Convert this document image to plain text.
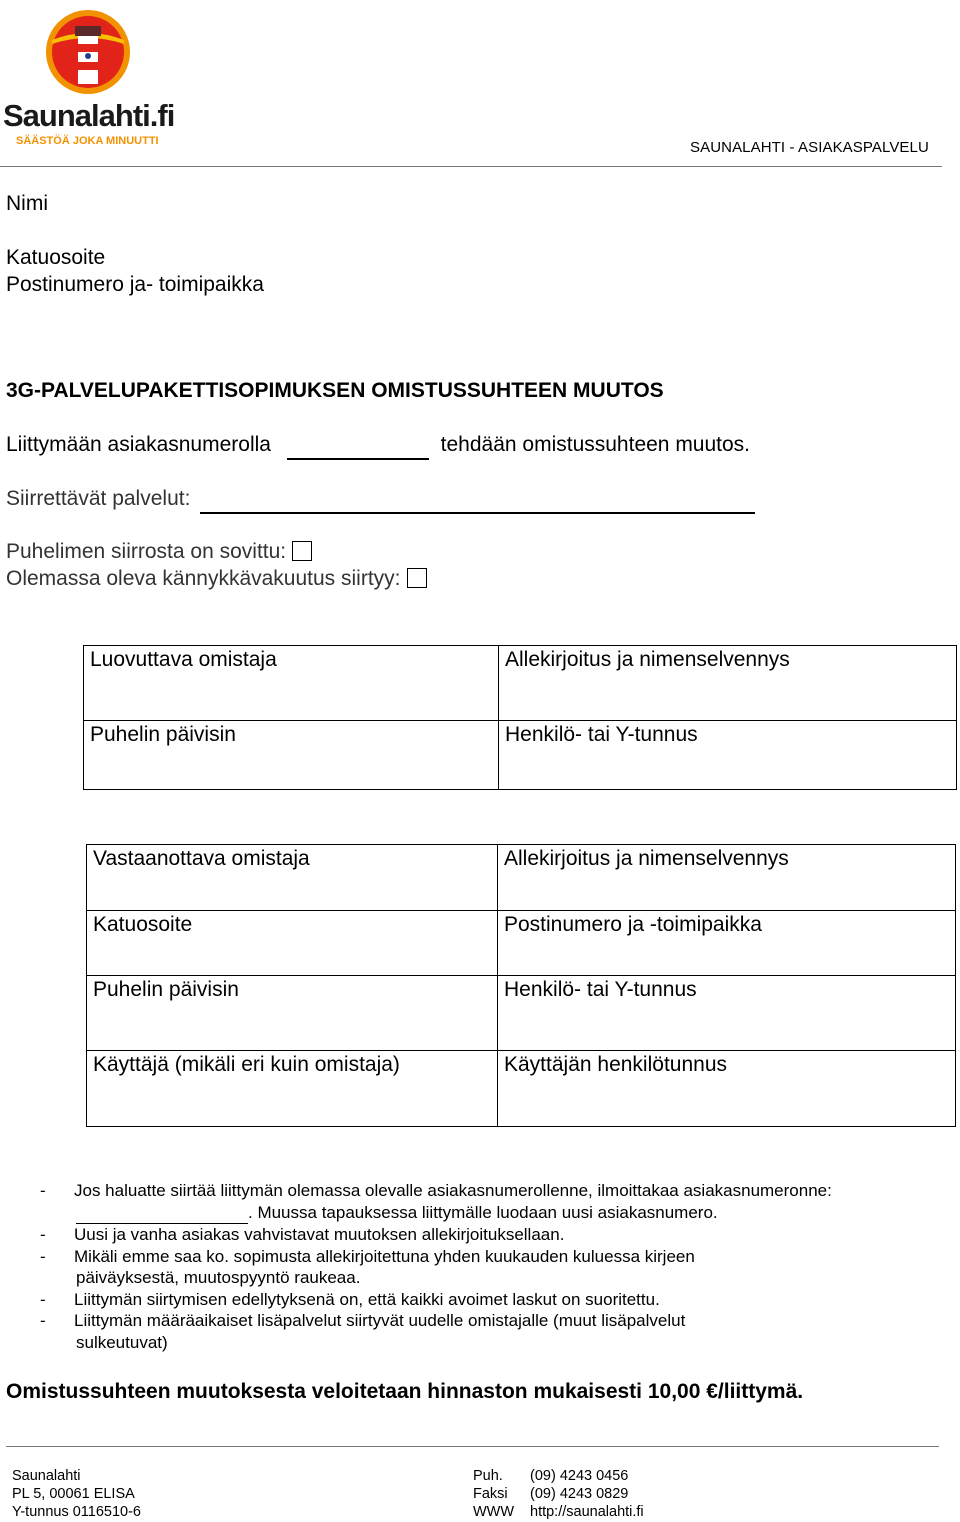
Saunalahti.fi
SÄÄSTÖÄ JOKA MINUUTTI	SAUNALAHTI - ASIAKASPALVELU
Nimi
Katuosoite
Postinumero ja- toimipaikka
3G-PALVELUPAKETTISOPIMUKSEN OMISTUSSUHTEEN MUUTOS
Liittymään asiakasnumerolla	tehdään omistussuhteen muutos.
Siirrettävät palvelut:
Puhelimen siirrosta on sovittu:
Olemassa oleva kännykkävakuutus siirtyy:
Luovuttava omistaja	Allekirjoitus ja nimenselvennys

Puhelin päivisin	Henkilö- tai Y-tunnus
Vastaanottava omistaja	Allekirjoitus ja nimenselvennys

Katuosoite	Postinumero ja -toimipaikka

Puhelin päivisin	Henkilö- tai Y-tunnus

Käyttäjä (mikäli eri kuin omistaja)	Käyttäjän henkilötunnus
- Jos haluatte siirtää liittymän olemassa olevalle asiakasnumerollenne, ilmoittakaa asiakasnumeronne:
. Muussa tapauksessa liittymälle luodaan uusi asiakasnumero.
- Uusi ja vanha asiakas vahvistavat muutoksen allekirjoituksellaan.
- Mikäli emme saa ko. sopimusta allekirjoitettuna yhden kuukauden kuluessa kirjeen
päiväyksestä, muutospyyntö raukeaa.
- Liittymän siirtymisen edellytyksenä on, että kaikki avoimet laskut on suoritettu.
- Liittymän määräaikaiset lisäpalvelut siirtyvät uudelle omistajalle (muut lisäpalvelut
sulkeutuvat)
Omistussuhteen muutoksesta veloitetaan hinnaston mukaisesti 10,00 €/liittymä.
Saunalahti
PL 5, 00061 ELISA
Y-tunnus 0116510-6
Puh. (09) 4243 0456
Faksi (09) 4243 0829
WWW http://saunalahti.fi
